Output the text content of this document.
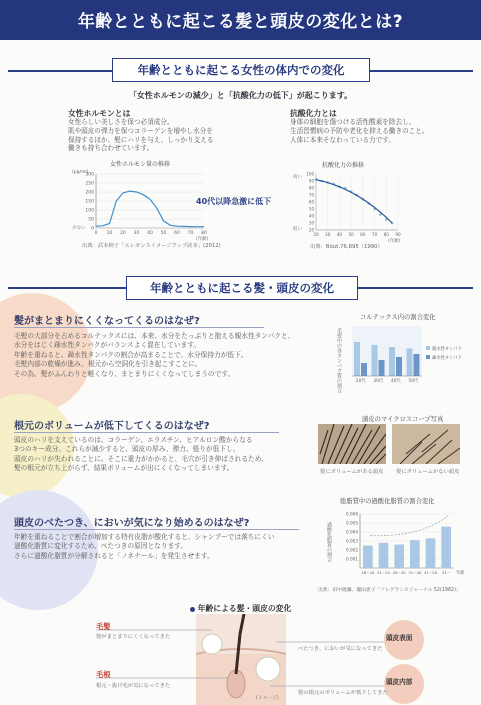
年齢とともに起こる髪と頭皮の変化とは?
年齢とともに起こる女性の体内での変化
「女性ホルモンの減少」と「抗酸化力の低下」が起こります。
女性ホルモンとは
女性らしい美しさを保つ必須成分。
肌や頭皮の弾力を保つコラーゲンを増やし水分を
保持するほか、髪にハリを与え、しっかり支える
働きも持ち合わせています。
抗酸化力とは
身体の細胞を傷つける活性酸素を除去し、
生活習慣病の予防や老化を抑える働きのこと。
人体に本来そなわっている力です。
女性ホルモン量の推移
(pg/ml)
300
250
200
150
100
50
0
少ない
0 10 20 30 40 50 60 70 80
(年齢)
出典：武本柿子「エレガンスイメージアップ読本」(2012)
40代以降急激に低下
抗酸化力の推移
高い
低い
100
90
80
70
60
50
40
30
20
20 30 40 50 60 70 80 90
(年齢)
出典：Biozi,76,895（1990）
年齢とともに起こる髪・頭皮の変化
髪がまとまりにくくなってくるのはなぜ?
毛髪の大部分を占めるコルテックスには、本来、水分をたっぷりと抱える親水性タンパクと、
水分をはじく疎水性タンパクがバランスよく混在しています。
年齢を重ねると、疎水性タンパクの割合が高まることで、水分保持力が低下。
毛髪内部の乾燥が進み、根元から空洞化を引き起こすことに。
その為、髪がふんわりと軽くなり、まとまりにくくなってしまうのです。
コルテックス内の割合変化
毛髪中の各タンパク質の割合	20代 30代 40代 50代
親水性タンパク
疎水性タンパク
根元のボリュームが低下してくるのはなぜ?
頭皮のハリを支えているのは、コラーゲン、エラスチン、ヒアルロン酸からなる
3つのキー成分。これらが減少すると、頭皮の厚み、弾力、張りが低下し、
頭皮のハリが失われることに。そこに重力がかかると、毛穴が引き伸ばされるため、
髪の根元が立ち上がらず、結果ボリュームが出にくくなってしまいます。
頭皮のマイクロスコープ写真
髪にボリュームがある頭皮 髪にボリュームがない頭皮
頭皮のべたつき、においが気になり始めるのはなぜ?
年齢を重ねることで割合が増加する特有皮脂が酸化すると、シャンプーでは落ちにくい
過酸化脂質に変化するため、べたつきの原因となります。
さらに過酸化脂質が分解されると「ノネナール」を発生させます。
総脂質中の過酸化脂質の割合変化
過酸化脂質の割合
0.006
0.005
0.004
0.003
0.002
0.001
16~20 21~25 26~30 31~40 41~50 51~ 年齢
出典：旧中隆彌、瀬田恵子「フレグランスジャーナル 52(1982)」
年齢による髪・頭皮の変化
(イメージ)
毛髪
髪がまとまりにくくなってきた
毛根
根元・抜け毛が気になってきた
頭皮表面
べたつき、においが気になってきた
頭皮内部
髪の根元のボリュームが低下してきた
